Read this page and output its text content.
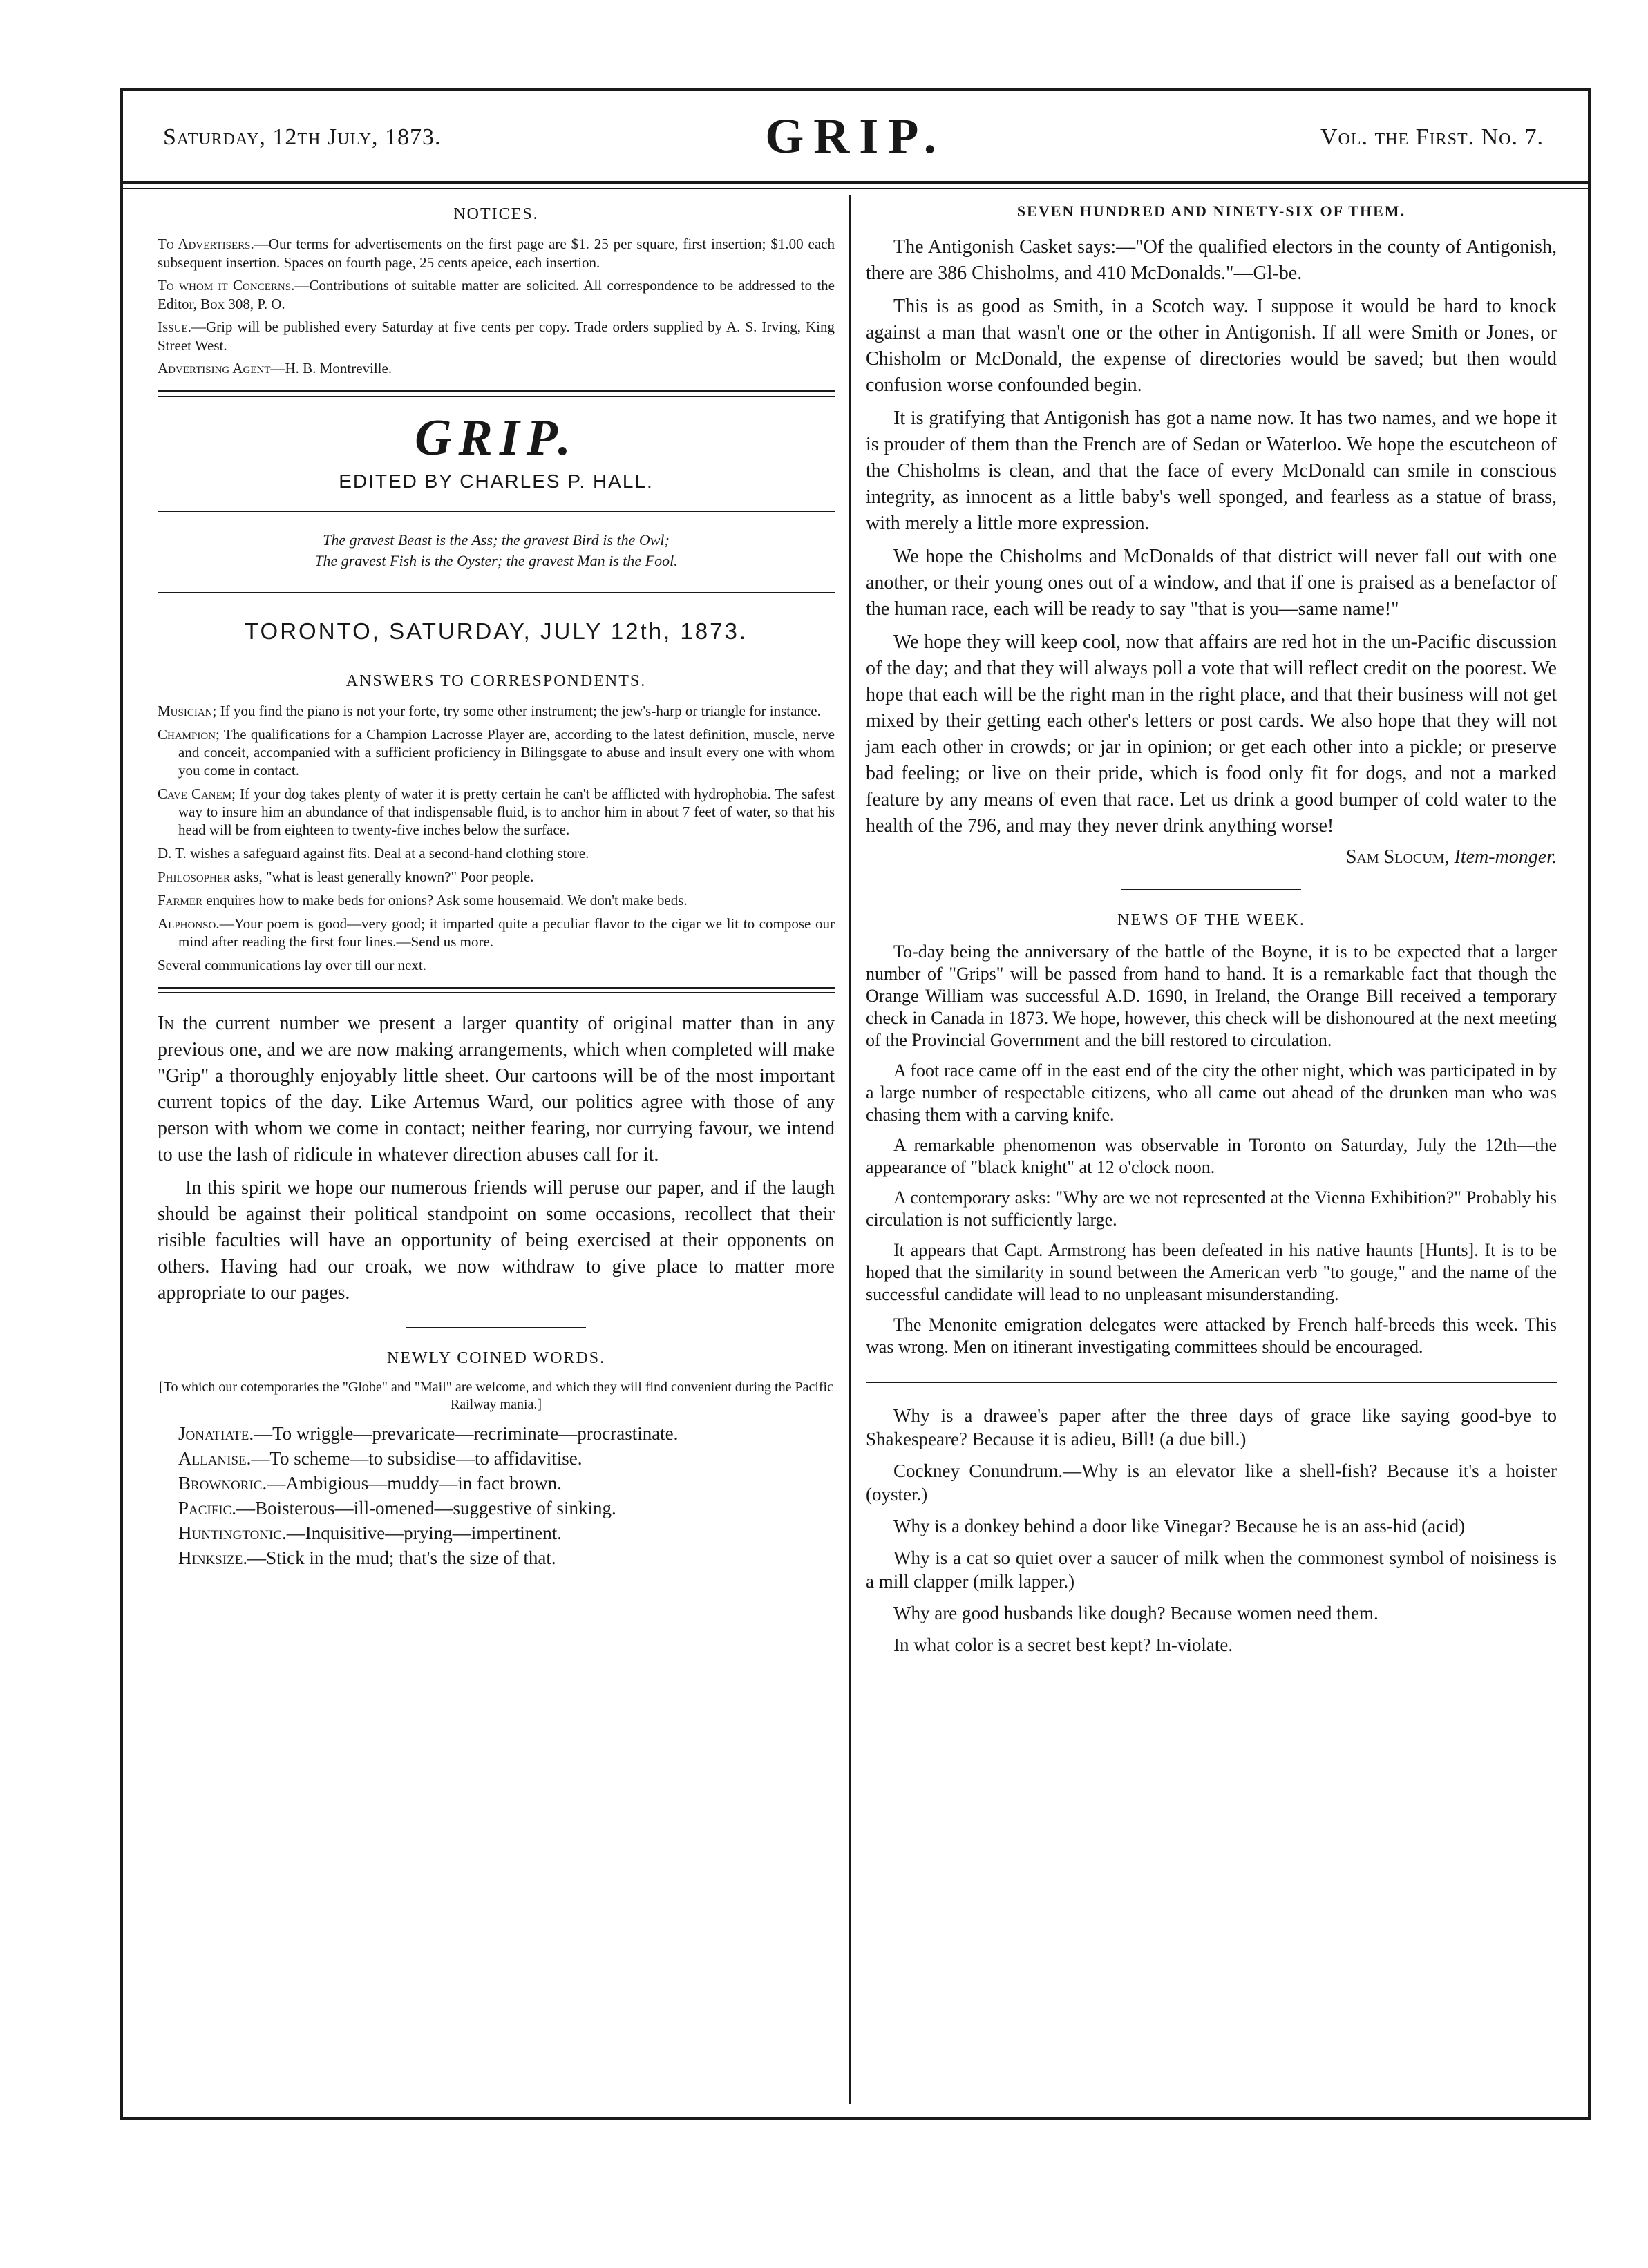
Saturday, 12th July, 1873.	GRIP.	Vol. the First. No. 7.
NOTICES.

To Advertisers.—Our terms for advertisements on the first page are $1. 25 per square, first insertion; $1.00 each subsequent insertion. Spaces on fourth page, 25 cents apeice, each insertion.

To whom it Concerns.—Contributions of suitable matter are solicited. All correspondence to be addressed to the Editor, Box 308, P. O.

Issue.—Grip will be published every Saturday at five cents per copy. Trade orders supplied by A. S. Irving, King Street West.

Advertising Agent—H. B. Montreville.

GRIP.
EDITED BY CHARLES P. HALL.
The gravest Beast is the Ass; the gravest Bird is the Owl;
The gravest Fish is the Oyster; the gravest Man is the Fool.
TORONTO, SATURDAY, JULY 12th, 1873.
ANSWERS TO CORRESPONDENTS.

Musician; If you find the piano is not your forte, try some other instrument; the jew's-harp or triangle for instance.

Champion; The qualifications for a Champion Lacrosse Player are, according to the latest definition, muscle, nerve and conceit, accompanied with a sufficient proficiency in Bilingsgate to abuse and insult every one with whom you come in contact.

Cave Canem; If your dog takes plenty of water it is pretty certain he can't be afflicted with hydrophobia. The safest way to insure him an abundance of that indispensable fluid, is to anchor him in about 7 feet of water, so that his head will be from eighteen to twenty-five inches below the surface.

D. T. wishes a safeguard against fits. Deal at a second-hand clothing store.

Philosopher asks, "what is least generally known?" Poor people.

Farmer enquires how to make beds for onions? Ask some housemaid. We don't make beds.

Alphonso.—Your poem is good—very good; it imparted quite a peculiar flavor to the cigar we lit to compose our mind after reading the first four lines.—Send us more.

Several communications lay over till our next.

In the current number we present a larger quantity of original matter than in any previous one, and we are now making arrangements, which when completed will make "Grip" a thoroughly enjoyably little sheet. Our cartoons will be of the most important current topics of the day. Like Artemus Ward, our politics agree with those of any person with whom we come in contact; neither fearing, nor currying favour, we intend to use the lash of ridicule in whatever direction abuses call for it.

In this spirit we hope our numerous friends will peruse our paper, and if the laugh should be against their political standpoint on some occasions, recollect that their risible faculties will have an opportunity of being exercised at their opponents on others. Having had our croak, we now withdraw to give place to matter more appropriate to our pages.

NEWLY COINED WORDS.

[To which our cotemporaries the "Globe" and "Mail" are welcome, and which they will find convenient during the Pacific Railway mania.]

Jonatiate.—To wriggle—prevaricate—recriminate—procrastinate.

Allanise.—To scheme—to subsidise—to affidavitise.

Brownoric.—Ambigious—muddy—in fact brown.

Pacific.—Boisterous—ill-omened—suggestive of sinking.

Huntingtonic.—Inquisitive—prying—impertinent.

Hinksize.—Stick in the mud; that's the size of that.

SEVEN HUNDRED AND NINETY-SIX OF THEM.

The Antigonish Casket says:—"Of the qualified electors in the county of Antigonish, there are 386 Chisholms, and 410 McDonalds."—Gl-be.

This is as good as Smith, in a Scotch way. I suppose it would be hard to knock against a man that wasn't one or the other in Antigonish. If all were Smith or Jones, or Chisholm or McDonald, the expense of directories would be saved; but then would confusion worse confounded begin.

It is gratifying that Antigonish has got a name now. It has two names, and we hope it is prouder of them than the French are of Sedan or Waterloo. We hope the escutcheon of the Chisholms is clean, and that the face of every McDonald can smile in conscious integrity, as innocent as a little baby's well sponged, and fearless as a statue of brass, with merely a little more expression.

We hope the Chisholms and McDonalds of that district will never fall out with one another, or their young ones out of a window, and that if one is praised as a benefactor of the human race, each will be ready to say "that is you—same name!"

We hope they will keep cool, now that affairs are red hot in the un-Pacific discussion of the day; and that they will always poll a vote that will reflect credit on the poorest. We hope that each will be the right man in the right place, and that their business will not get mixed by their getting each other's letters or post cards. We also hope that they will not jam each other in crowds; or jar in opinion; or get each other into a pickle; or preserve bad feeling; or live on their pride, which is food only fit for dogs, and not a marked feature by any means of even that race. Let us drink a good bumper of cold water to the health of the 796, and may they never drink anything worse!

Sam Slocum, Item-monger.
NEWS OF THE WEEK.

To-day being the anniversary of the battle of the Boyne, it is to be expected that a larger number of "Grips" will be passed from hand to hand. It is a remarkable fact that though the Orange William was successful A.D. 1690, in Ireland, the Orange Bill received a temporary check in Canada in 1873. We hope, however, this check will be dishonoured at the next meeting of the Provincial Government and the bill restored to circulation.

A foot race came off in the east end of the city the other night, which was participated in by a large number of respectable citizens, who all came out ahead of the drunken man who was chasing them with a carving knife.

A remarkable phenomenon was observable in Toronto on Saturday, July the 12th—the appearance of "black knight" at 12 o'clock noon.

A contemporary asks: "Why are we not represented at the Vienna Exhibition?" Probably his circulation is not sufficiently large.

It appears that Capt. Armstrong has been defeated in his native haunts [Hunts]. It is to be hoped that the similarity in sound between the American verb "to gouge," and the name of the successful candidate will lead to no unpleasant misunderstanding.

The Menonite emigration delegates were attacked by French half-breeds this week. This was wrong. Men on itinerant investigating committees should be encouraged.

Why is a drawee's paper after the three days of grace like saying good-bye to Shakespeare? Because it is adieu, Bill! (a due bill.)

Cockney Conundrum.—Why is an elevator like a shell-fish? Because it's a hoister (oyster.)

Why is a donkey behind a door like Vinegar? Because he is an ass-hid (acid)

Why is a cat so quiet over a saucer of milk when the commonest symbol of noisiness is a mill clapper (milk lapper.)

Why are good husbands like dough? Because women need them.

In what color is a secret best kept? In-violate.
